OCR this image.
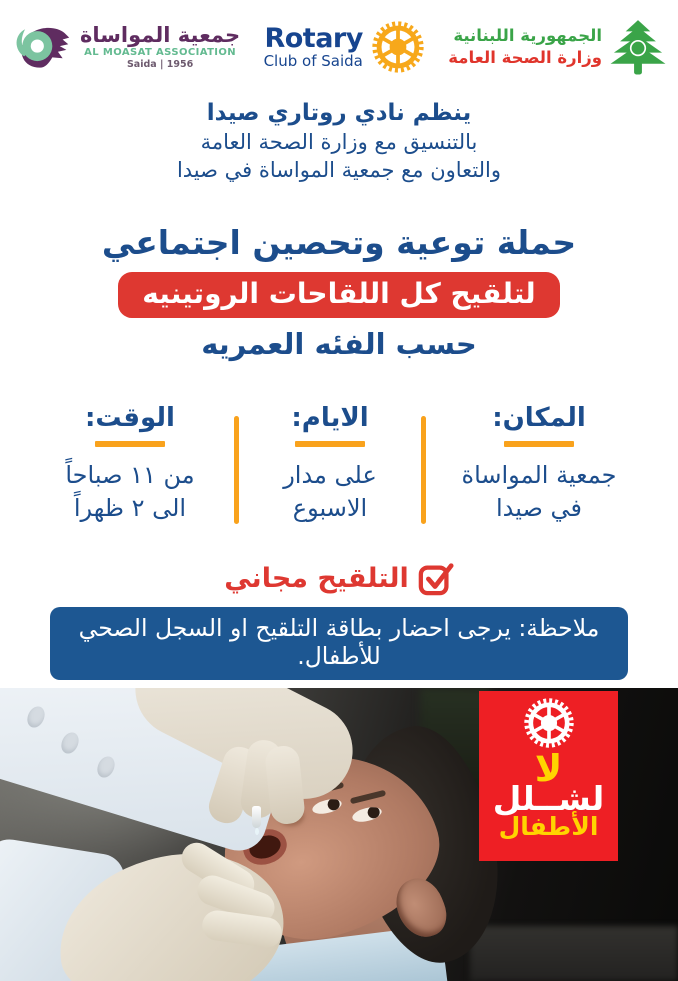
جمعية المواساة
AL MOASAT ASSOCIATION
Saida | 1956
Rotary
Club of Saida
الجمهورية اللبنانية
وزارة الصحة العامة
ينظم نادي روتاري صيدا
بالتنسيق مع وزارة الصحة العامة
والتعاون مع جمعية المواساة في صيدا
حملة توعية وتحصين اجتماعي
لتلقيح كل اللقاحات الروتينيه
حسب الفئه العمريه
المكان:
جمعية المواساة
في صيدا
الايام:
على مدار
الاسبوع
الوقت:
من ١١ صباحاً
الى ٢ ظهراً
التلقيح مجاني
ملاحظة: يرجى احضار بطاقة التلقيح او السجل الصحي للأطفال.
لا
لشــلل
الأطفال
